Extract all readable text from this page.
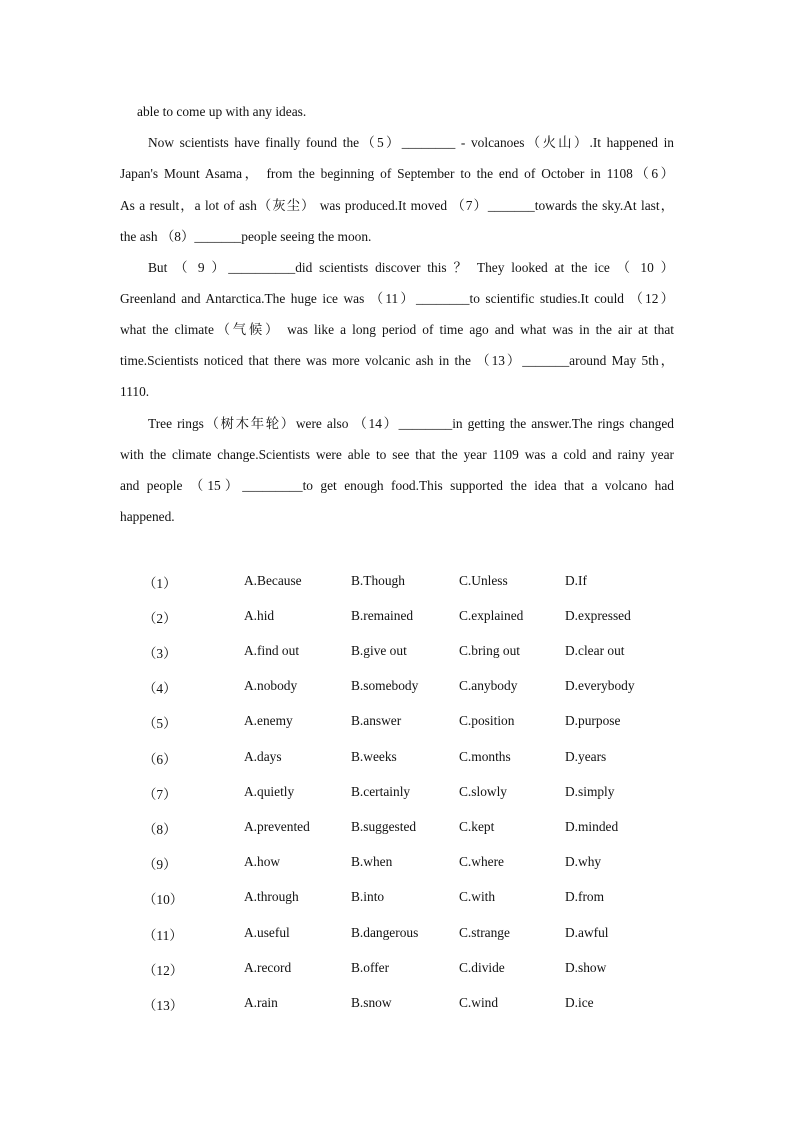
able to come up with any ideas.
Now scientists have finally found the（5）________ - volcanoes（火山）.It happened in
Japan's Mount Asama， from the beginning of September to the end of October in 1108（6）
As a result，a lot of ash（灰尘） was produced.It moved （7）_______towards the sky.At last，
the ash （8）_______people seeing the moon.
But （ 9 ）__________did scientists discover this ？ They looked at the ice （ 10 ）
Greenland and Antarctica.The huge ice was （11）________to scientific studies.It could （12）
what the climate（气候） was like a long period of time ago and what was in the air at that
time.Scientists noticed that there was more volcanic ash in the （13）_______around May 5th，
1110.
Tree rings（树木年轮）were also （14）________in getting the answer.The rings changed
with the climate change.Scientists were able to see that the year 1109 was a cold and rainy year
and people （15）_________to get enough food.This supported the idea that a volcano had
happened.
（1）	A.Because	B.Though	C.Unless	D.If
（2）	A.hid	B.remained	C.explained	D.expressed
（3）	A.find out	B.give out	C.bring out	D.clear out
（4）	A.nobody	B.somebody	C.anybody	D.everybody
（5）	A.enemy	B.answer	C.position	D.purpose
（6）	A.days	B.weeks	C.months	D.years
（7）	A.quietly	B.certainly	C.slowly	D.simply
（8）	A.prevented	B.suggested	C.kept	D.minded
（9）	A.how	B.when	C.where	D.why
（10）	A.through	B.into	C.with	D.from
（11）	A.useful	B.dangerous	C.strange	D.awful
（12）	A.record	B.offer	C.divide	D.show
（13）	A.rain	B.snow	C.wind	D.ice
